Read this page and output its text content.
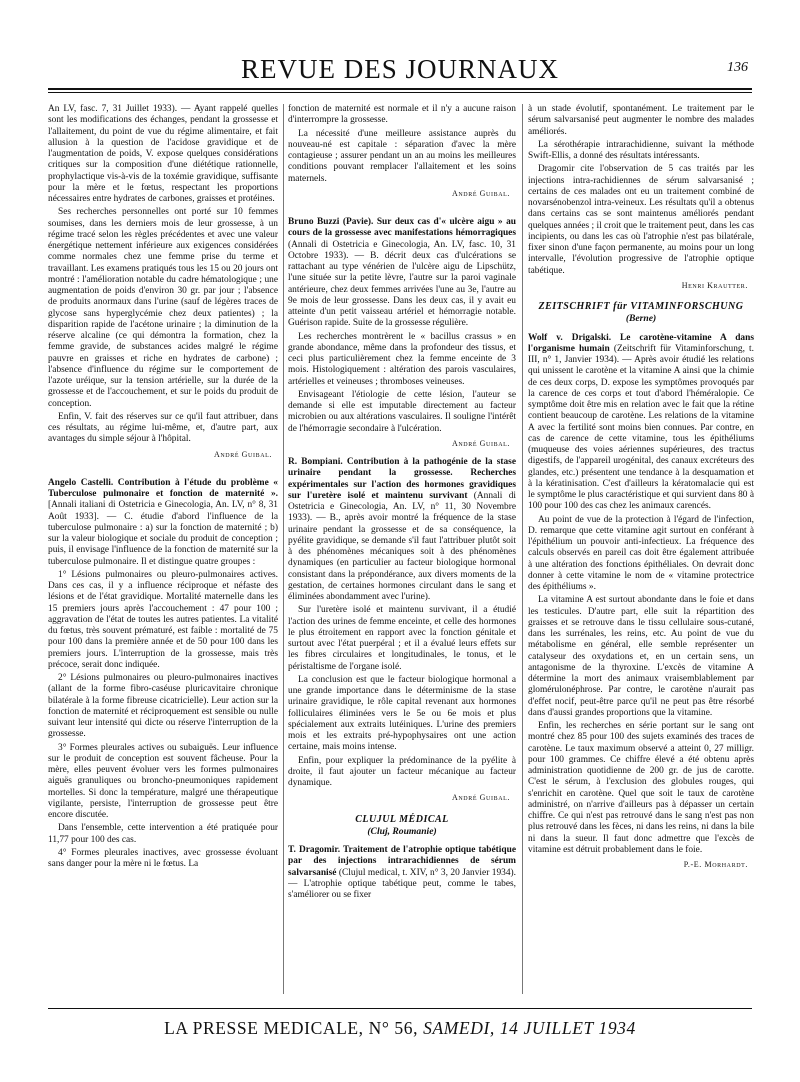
REVUE DES JOURNAUX	136

An LV, fasc. 7, 31 Juillet 1933). — Ayant rappelé quelles sont les modifications des échanges, pendant la grossesse et l'allaitement, du point de vue du régime alimentaire, et fait allusion à la question de l'acidose gravidique et de l'augmentation de poids, V. expose quelques considérations critiques sur la composition d'une diététique rationnelle, prophylactique vis-à-vis de la toxémie gravidique, suffisante pour la mère et le fœtus, respectant les proportions nécessaires entre hydrates de carbones, graisses et protéines.

Ses recherches personnelles ont porté sur 10 femmes soumises, dans les derniers mois de leur grossesse, à un régime tracé selon les règles précédentes et avec une valeur énergétique nettement inférieure aux exigences considérées comme normales chez une femme prise du terme et travaillant. Les examens pratiqués tous les 15 ou 20 jours ont montré : l'amélioration notable du cadre hématologique ; une augmentation de poids d'environ 30 gr. par jour ; l'absence de produits anormaux dans l'urine (sauf de légères traces de glycose sans hyperglycémie chez deux patientes) ; la disparition rapide de l'acétone urinaire ; la diminution de la réserve alcaline (ce qui démontra la formation, chez la femme gravide, de substances acides malgré le régime pauvre en graisses et riche en hydrates de carbone) ; l'absence d'influence du régime sur le comportement de l'azote uréique, sur la tension artérielle, sur la durée de la grossesse et de l'accouchement, et sur le poids du produit de conception.

Enfin, V. fait des réserves sur ce qu'il faut attribuer, dans ces résultats, au régime lui-même, et, d'autre part, aux avantages du simple séjour à l'hôpital.

André Guibal.

Angelo Castelli. Contribution à l'étude du problème « Tuberculose pulmonaire et fonction de maternité ». [Annali italiani di Ostetricia e Ginecologia, An. LV, n° 8, 31 Août 1933]. — C. étudie d'abord l'influence de la tuberculose pulmonaire : a) sur la fonction de maternité ; b) sur la valeur biologique et sociale du produit de conception ; puis, il envisage l'influence de la fonction de maternité sur la tuberculose pulmonaire. Il et distingue quatre groupes :

1° Lésions pulmonaires ou pleuro-pulmonaires actives. Dans ces cas, il y a influence réciproque et néfaste des lésions et de l'état gravidique. Mortalité maternelle dans les 15 premiers jours après l'accouchement : 47 pour 100 ; aggravation de l'état de toutes les autres patientes. La vitalité du fœtus, très souvent prématuré, est faible : mortalité de 75 pour 100 dans la première année et de 50 pour 100 dans les premiers jours. L'interruption de la grossesse, mais très précoce, serait donc indiquée.

2° Lésions pulmonaires ou pleuro-pulmonaires inactives (allant de la forme fibro-caséuse pluricavitaire chronique bilatérale à la forme fibreuse cicatricielle). Leur action sur la fonction de maternité et réciproquement est sensible ou nulle suivant leur intensité qui dicte ou réserve l'interruption de la grossesse.

3° Formes pleurales actives ou subaiguës. Leur influence sur le produit de conception est souvent fâcheuse. Pour la mère, elles peuvent évoluer vers les formes pulmonaires aiguës granuliques ou broncho-pneumoniques rapidement mortelles. Si donc la température, malgré une thérapeutique vigilante, persiste, l'interruption de grossesse peut être encore discutée.

Dans l'ensemble, cette intervention a été pratiquée pour 11,77 pour 100 des cas.

4° Formes pleurales inactives, avec grossesse évoluant sans danger pour la mère ni le fœtus. La

fonction de maternité est normale et il n'y a aucune raison d'interrompre la grossesse.

La nécessité d'une meilleure assistance auprès du nouveau-né est capitale : séparation d'avec la mère contagieuse ; assurer pendant un an au moins les meilleures conditions pouvant remplacer l'allaitement et les soins maternels.

André Guibal.

Bruno Buzzi (Pavie). Sur deux cas d'« ulcère aigu » au cours de la grossesse avec manifestations hémorragiques (Annali di Ostetricia e Ginecologia, An. LV, fasc. 10, 31 Octobre 1933). — B. décrit deux cas d'ulcérations se rattachant au type vénérien de l'ulcère aigu de Lipschütz, l'une située sur la petite lèvre, l'autre sur la paroi vaginale antérieure, chez deux femmes arrivées l'une au 3e, l'autre au 9e mois de leur grossesse. Dans les deux cas, il y avait eu atteinte d'un petit vaisseau artériel et hémorragie notable. Guérison rapide. Suite de la grossesse régulière.

Les recherches montrèrent le « bacillus crassus » en grande abondance, même dans la profondeur des tissus, et ceci plus particulièrement chez la femme enceinte de 3 mois. Histologiquement : altération des parois vasculaires, artérielles et veineuses ; thromboses veineuses.

Envisageant l'étiologie de cette lésion, l'auteur se demande si elle est imputable directement au facteur microbien ou aux altérations vasculaires. Il souligne l'intérêt de l'hémorragie secondaire à l'ulcération.

André Guibal.

R. Bompiani. Contribution à la pathogénie de la stase urinaire pendant la grossesse. Recherches expérimentales sur l'action des hormones gravidiques sur l'uretère isolé et maintenu survivant (Annali di Ostetricia e Ginecologia, An. LV, n° 11, 30 Novembre 1933). — B., après avoir montré la fréquence de la stase urinaire pendant la grossesse et de sa conséquence, la pyélite gravidique, se demande s'il faut l'attribuer plutôt soit à des phénomènes mécaniques soit à des phénomènes dynamiques (en particulier au facteur biologique hormonal consistant dans la prépondérance, aux divers moments de la gestation, de certaines hormones circulant dans le sang et éliminées abondamment avec l'urine).

Sur l'uretère isolé et maintenu survivant, il a étudié l'action des urines de femme enceinte, et celle des hormones le plus étroitement en rapport avec la fonction génitale et surtout avec l'état puerpéral ; et il a évalué leurs effets sur les fibres circulaires et longitudinales, le tonus, et le péristaltisme de l'organe isolé.

La conclusion est que le facteur biologique hormonal a une grande importance dans le déterminisme de la stase urinaire gravidique, le rôle capital revenant aux hormones folliculaires éliminées vers le 5e ou 6e mois et plus spécialement aux extraits lutéiniques. L'urine des premiers mois et les extraits pré-hypophysaires ont une action certaine, mais moins intense.

Enfin, pour expliquer la prédominance de la pyélite à droite, il faut ajouter un facteur mécanique au facteur dynamique.

André Guibal.
CLUJUL MÉDICAL
(Cluj, Roumanie)

T. Dragomir. Traitement de l'atrophie optique tabétique par des injections intrarachidiennes de sérum salvarsanisé (Clujul medical, t. XIV, n° 3, 20 Janvier 1934). — L'atrophie optique tabétique peut, comme le tabes, s'améliorer ou se fixer

à un stade évolutif, spontanément. Le traitement par le sérum salvarsanisé peut augmenter le nombre des malades améliorés.

La sérothérapie intrarachidienne, suivant la méthode Swift-Ellis, a donné des résultats intéressants.

Dragomir cite l'observation de 5 cas traités par les injections intra-rachidiennes de sérum salvarsanisé ; certains de ces malades ont eu un traitement combiné de novarsénobenzol intra-veineux. Les résultats qu'il a obtenus dans certains cas se sont maintenus améliorés pendant quelques années ; il croit que le traitement peut, dans les cas incipients, ou dans les cas où l'atrophie n'est pas bilatérale, fixer sinon d'une façon permanente, au moins pour un long intervalle, l'évolution progressive de l'atrophie optique tabétique.

Henri Krautter.
ZEITSCHRIFT für VITAMINFORSCHUNG
(Berne)

Wolf v. Drigalski. Le carotène-vitamine A dans l'organisme humain (Zeitschrift für Vitaminforschung, t. III, n° 1, Janvier 1934). — Après avoir étudié les relations qui unissent le carotène et la vitamine A ainsi que la chimie de ces deux corps, D. expose les symptômes provoqués par la carence de ces corps et tout d'abord l'héméralopie. Ce symptôme doit être mis en relation avec le fait que la rétine contient beaucoup de carotène. Les relations de la vitamine A avec la fertilité sont moins bien connues. Par contre, en cas de carence de cette vitamine, tous les épithéliums (muqueuse des voies aériennes supérieures, des tractus digestifs, de l'appareil urogénital, des canaux excréteurs des glandes, etc.) présentent une tendance à la desquamation et à la kératinisation. C'est d'ailleurs la kératomalacie qui est le symptôme le plus caractéristique et qui survient dans 80 à 100 pour 100 des cas chez les animaux carencés.

Au point de vue de la protection à l'égard de l'infection, D. remarque que cette vitamine agit surtout en conférant à l'épithélium un pouvoir anti-infectieux. La fréquence des calculs observés en pareil cas doit être également attribuée à une altération des fonctions épithéliales. On devrait donc donner à cette vitamine le nom de « vitamine protectrice des épithéliums ».

La vitamine A est surtout abondante dans le foie et dans les testicules. D'autre part, elle suit la répartition des graisses et se retrouve dans le tissu cellulaire sous-cutané, dans les surrénales, les reins, etc. Au point de vue du métabolisme en général, elle semble représenter un catalyseur des oxydations et, en un certain sens, un antagonisme de la thyroxine. L'excès de vitamine A détermine la mort des animaux vraisemblablement par glomérulonéphrose. Par contre, le carotène n'aurait pas d'effet nocif, peut-être parce qu'il ne peut pas être résorbé dans d'aussi grandes proportions que la vitamine.

Enfin, les recherches en série portant sur le sang ont montré chez 85 pour 100 des sujets examinés des traces de carotène. Le taux maximum observé a atteint 0, 27 milligr. pour 100 grammes. Ce chiffre élevé a été obtenu après administration quotidienne de 200 gr. de jus de carotte. C'est le sérum, à l'exclusion des globules rouges, qui s'enrichit en carotène. Quel que soit le taux de carotène administré, on n'arrive d'ailleurs pas à dépasser un certain chiffre. Ce qui n'est pas retrouvé dans le sang n'est pas non plus retrouvé dans les fèces, ni dans les reins, ni dans la bile ni dans la sueur. Il faut donc admettre que l'excès de vitamine est détruit probablement dans le foie.

P.-E. Morhardt.
LA PRESSE MEDICALE, N° 56, SAMEDI, 14 JUILLET 1934
